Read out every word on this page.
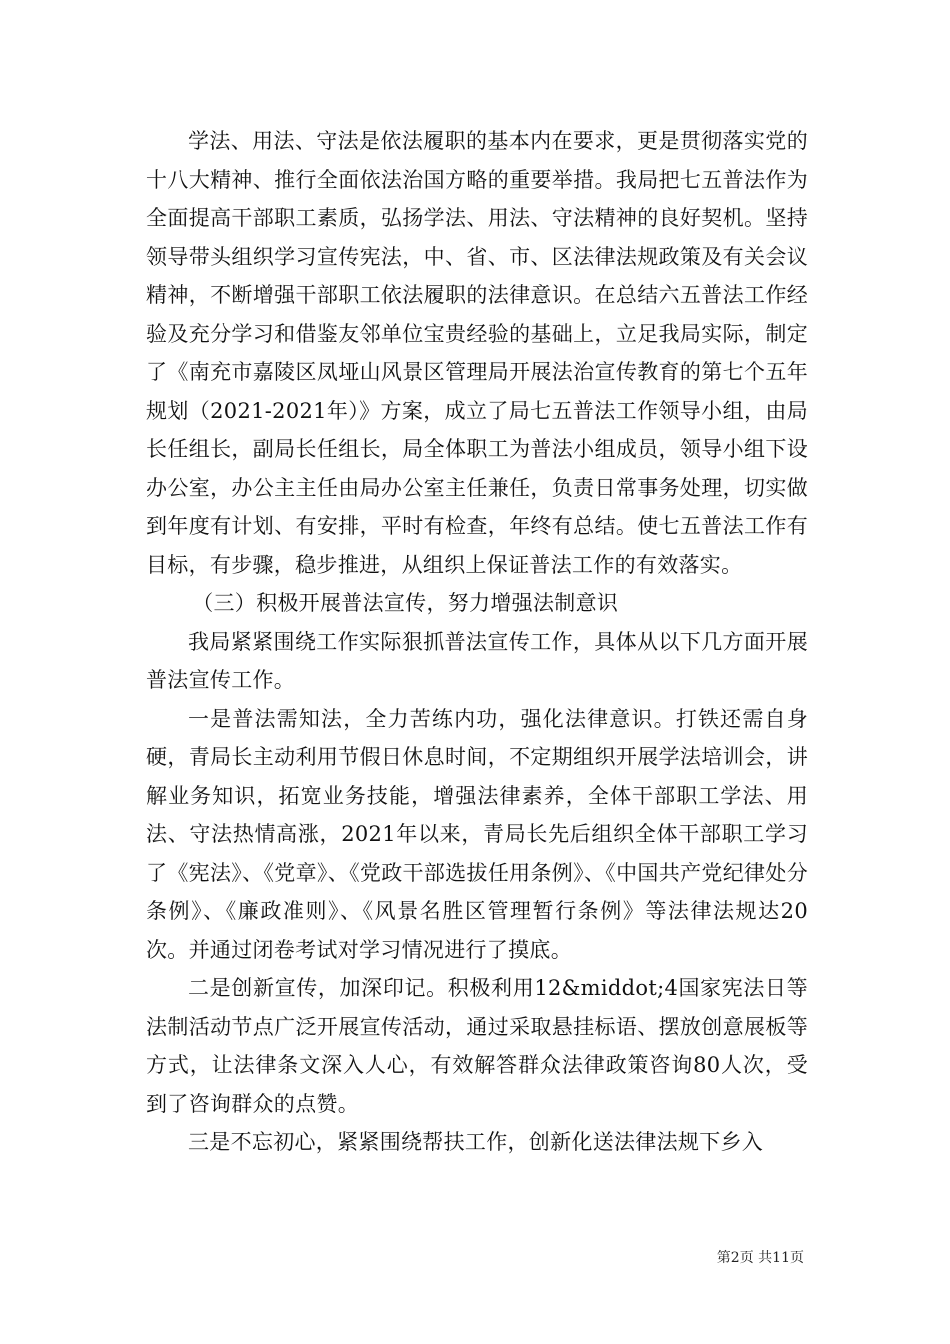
学法、用法、守法是依法履职的基本内在要求，更是贯彻落实党的十八大精神、推行全面依法治国方略的重要举措。我局把七五普法作为全面提高干部职工素质，弘扬学法、用法、守法精神的良好契机。坚持领导带头组织学习宣传宪法，中、省、市、区法律法规政策及有关会议精神，不断增强干部职工依法履职的法律意识。在总结六五普法工作经验及充分学习和借鉴友邻单位宝贵经验的基础上，立足我局实际，制定了《南充市嘉陵区凤垭山风景区管理局开展法治宣传教育的第七个五年规划（2021-2021年）》方案，成立了局七五普法工作领导小组，由局长任组长，副局长任组长，局全体职工为普法小组成员，领导小组下设办公室，办公主主任由局办公室主任兼任，负责日常事务处理，切实做到年度有计划、有安排，平时有检查，年终有总结。使七五普法工作有目标，有步骤，稳步推进，从组织上保证普法工作的有效落实。

（三）积极开展普法宣传，努力增强法制意识

我局紧紧围绕工作实际狠抓普法宣传工作，具体从以下几方面开展普法宣传工作。

一是普法需知法，全力苦练内功，强化法律意识。打铁还需自身硬，青局长主动利用节假日休息时间，不定期组织开展学法培训会，讲解业务知识，拓宽业务技能，增强法律素养，全体干部职工学法、用法、守法热情高涨，2021年以来，青局长先后组织全体干部职工学习了《宪法》、《党章》、《党政干部选拔任用条例》、《中国共产党纪律处分条例》、《廉政准则》、《风景名胜区管理暂行条例》等法律法规达20次。并通过闭卷考试对学习情况进行了摸底。

二是创新宣传，加深印记。积极利用12&middot;4国家宪法日等法制活动节点广泛开展宣传活动，通过采取悬挂标语、摆放创意展板等方式，让法律条文深入人心，有效解答群众法律政策咨询80人次，受到了咨询群众的点赞。

三是不忘初心，紧紧围绕帮扶工作，创新化送法律法规下乡入

第2页 共11页
